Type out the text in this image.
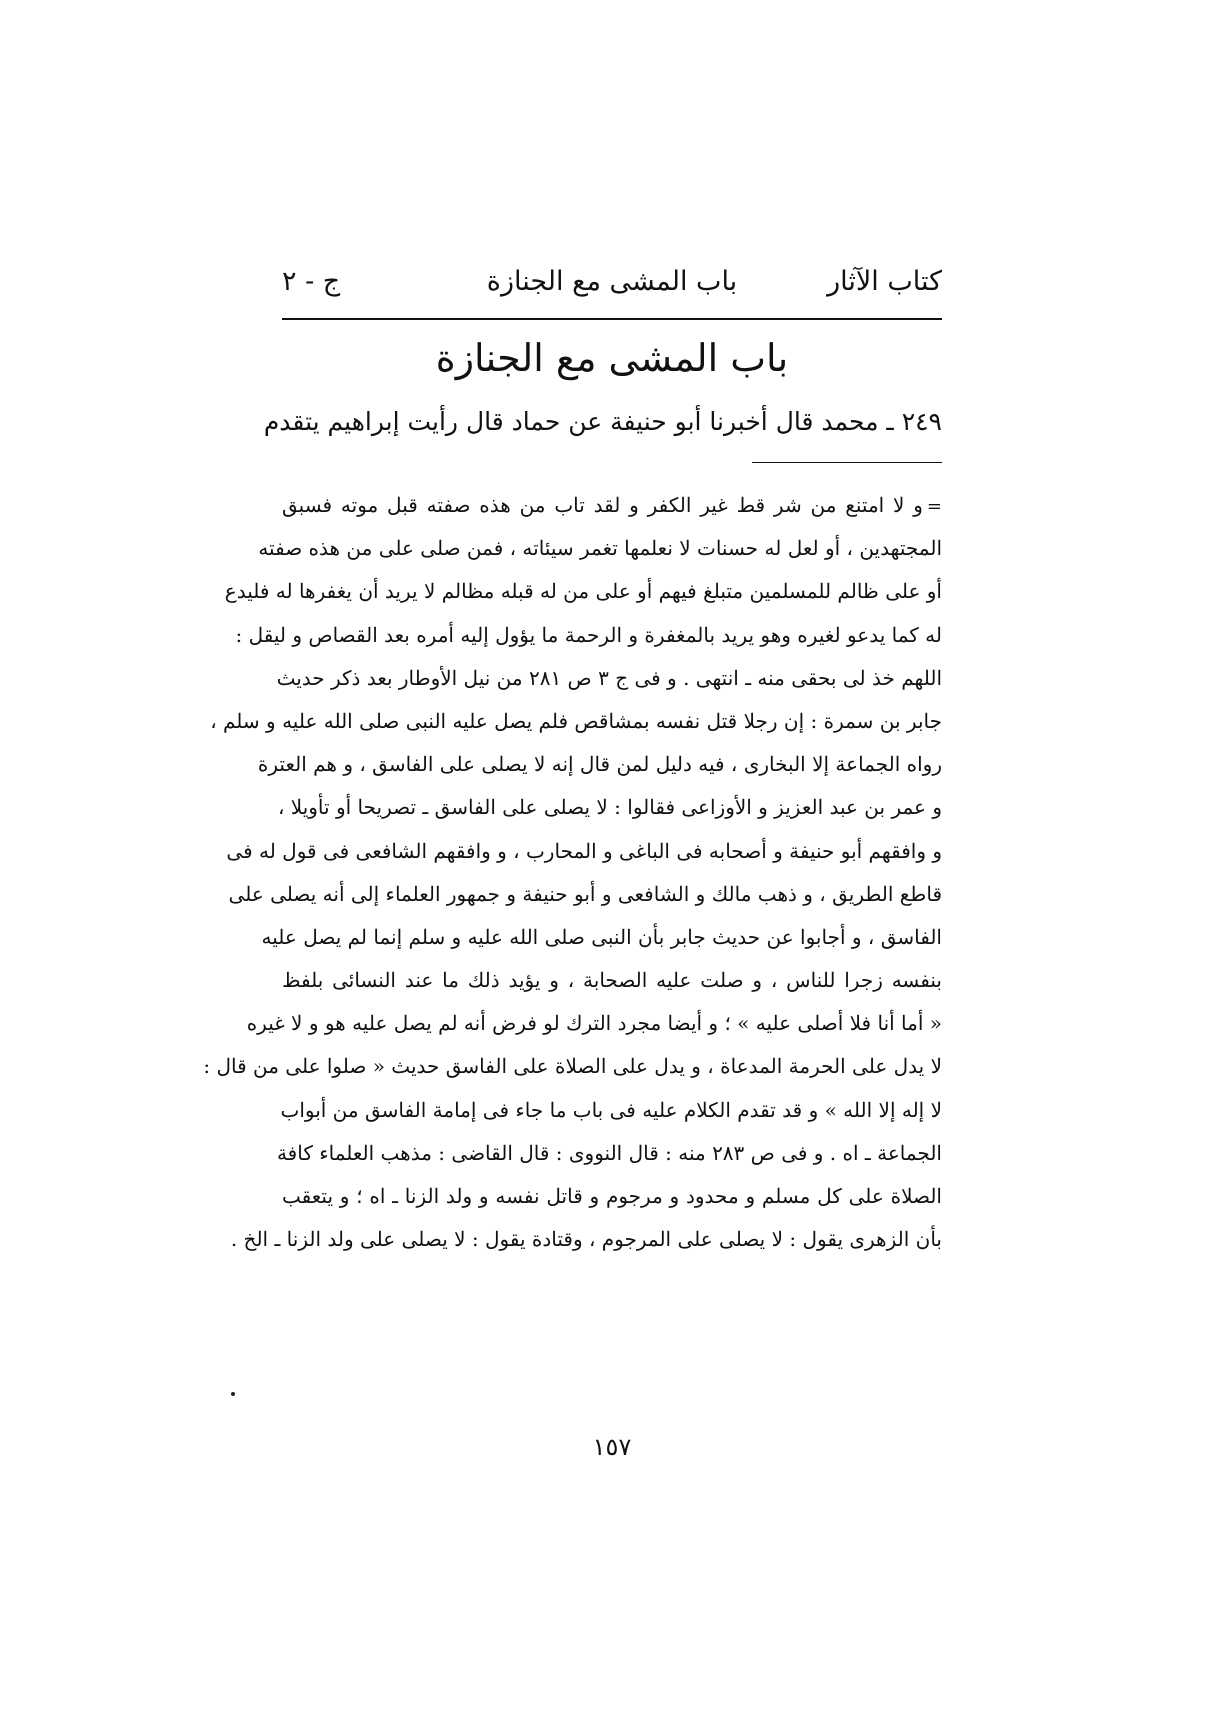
كتاب الآثار
باب المشى مع الجنازة
ج - ٢
باب المشى مع الجنازة
٢٤٩ ـ محمد قال أخبرنا أبو حنيفة عن حماد قال رأيت إبراهيم يتقدم
=و لا امتنع من شر قط غير الكفر و لقد تاب من هذه صفته قبل موته فسبق
المجتهدين ، أو لعل له حسنات لا نعلمها تغمر سيئاته ، فمن صلى على من هذه صفته
أو على ظالم للمسلمين متبلغ فيهم أو على من له قبله مظالم لا يريد أن يغفرها له فليدع
له كما يدعو لغيره وهو يريد بالمغفرة و الرحمة ما يؤول إليه أمره بعد القصاص و ليقل :
اللهم خذ لى بحقى منه ـ انتهى . و فى ج ٣ ص ٢٨١ من نيل الأوطار بعد ذكر حديث
جابر بن سمرة : إن رجلا قتل نفسه بمشاقص فلم يصل عليه النبى صلى الله عليه و سلم ،
رواه الجماعة إلا البخارى ، فيه دليل لمن قال إنه لا يصلى على الفاسق ، و هم العترة
و عمر بن عبد العزيز و الأوزاعى فقالوا : لا يصلى على الفاسق ـ تصريحا أو تأويلا ،
و وافقهم أبو حنيفة و أصحابه فى الباغى و المحارب ، و وافقهم الشافعى فى قول له فى
قاطع الطريق ، و ذهب مالك و الشافعى و أبو حنيفة و جمهور العلماء إلى أنه يصلى على
الفاسق ، و أجابوا عن حديث جابر بأن النبى صلى الله عليه و سلم إنما لم يصل عليه
بنفسه زجرا للناس ، و صلت عليه الصحابة ، و يؤيد ذلك ما عند النسائى بلفظ
« أما أنا فلا أصلى عليه » ؛ و أيضا مجرد الترك لو فرض أنه لم يصل عليه هو و لا غيره
لا يدل على الحرمة المدعاة ، و يدل على الصلاة على الفاسق حديث « صلوا على من قال :
لا إله إلا الله » و قد تقدم الكلام عليه فى باب ما جاء فى إمامة الفاسق من أبواب
الجماعة ـ اه . و فى ص ٢٨٣ منه : قال النووى : قال القاضى : مذهب العلماء كافة
الصلاة على كل مسلم و محدود و مرجوم و قاتل نفسه و ولد الزنا ـ اه ؛ و يتعقب
بأن الزهرى يقول : لا يصلى على المرجوم ، وقتادة يقول : لا يصلى على ولد الزنا ـ الخ .
١٥٧
